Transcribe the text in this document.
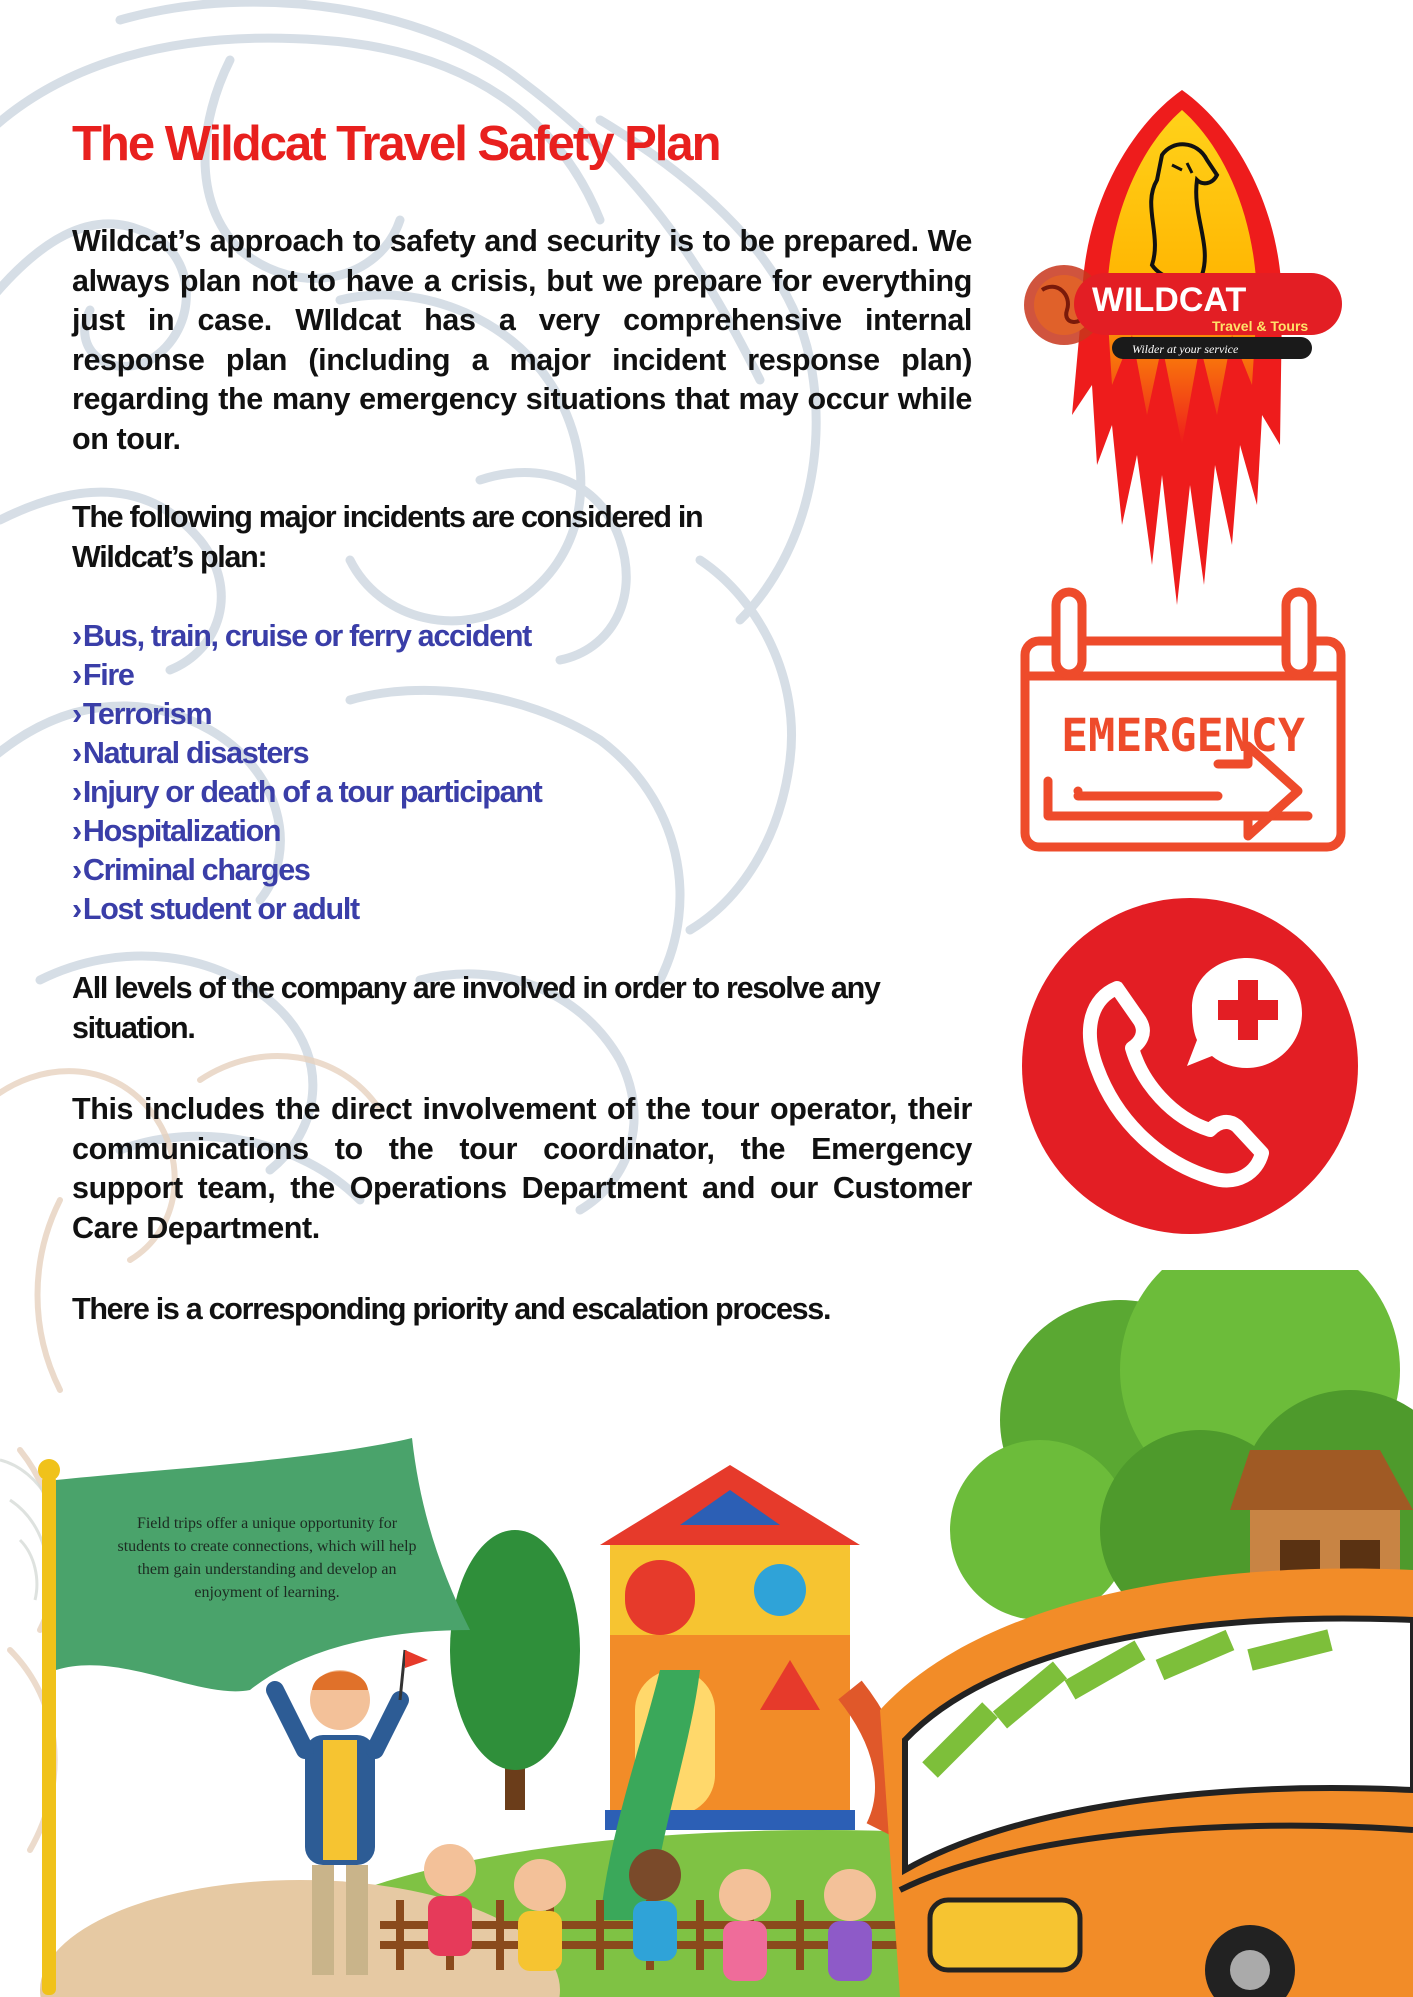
The Wildcat Travel Safety Plan

Wildcat’s approach to safety and security is to be prepared. We always plan not to have a crisis, but we prepare for everything just in case. WIldcat has a very comprehensive internal response plan (including a major incident response plan) regarding the many emergency situations that may occur while on tour.

The following major incidents are considered in
Wildcat’s plan:

›Bus, train, cruise or ferry accident
›Fire
›Terrorism
›Natural disasters
›Injury or death of a tour participant
›Hospitalization
›Criminal charges
›Lost student or adult

All levels of the company are involved in order to resolve any situation.

This includes the direct involvement of the tour operator, their communications to the tour coordinator, the Emergency support team, the Operations Department and our Customer Care Department.

There is a corresponding priority and escalation process.

WILDCAT
Travel & Tours
Wilder at your service
EMERGENCY
Field trips offer a unique opportunity for students to create connections, which will help them gain understanding and develop an enjoyment of learning.
